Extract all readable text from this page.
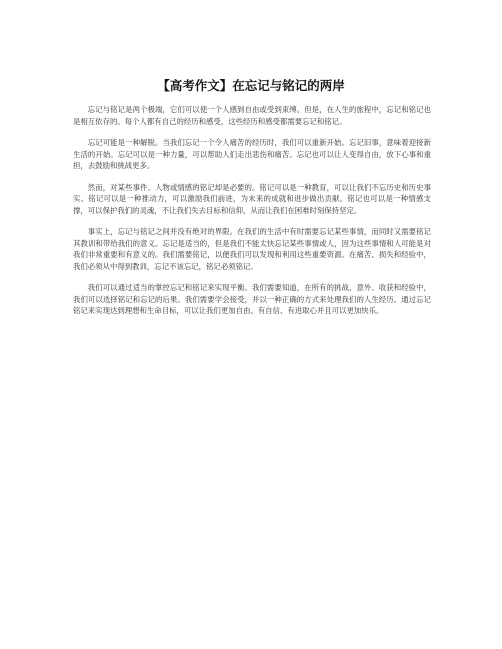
【高考作文】在忘记与铭记的两岸

忘记与铭记是两个极端，它们可以使一个人感到自由或受到束缚。但是，在人生的旅程中，忘记和铭记也是相互依存的。每个人都有自己的经历和感受，这些经历和感受都需要忘记和铭记。

忘记可能是一种解脱。当我们忘记一个令人痛苦的经历时，我们可以重新开始。忘记旧事，意味着迎接新生活的开始。忘记可以是一种力量，可以帮助人们走出悲伤和痛苦。忘记也可以让人变得自由，放下心事和重担，去鼓励和挑战更多。

然而，对某些事件、人物或情感的铭记却是必要的。铭记可以是一种教育，可以让我们不忘历史和历史事实。铭记可以是一种推动力，可以激励我们前进，为未来的成就和进步做出贡献。铭记也可以是一种情感支撑，可以保护我们的灵魂，不让我们失去目标和信仰，从而让我们在困难时刻保持坚定。

事实上，忘记与铭记之间并没有绝对的界限。在我们的生活中有时需要忘记某些事情，而同时又需要铭记其教训和带给我们的意义。忘记是适当的，但是我们不能太快忘记某些事情或人，因为这些事情和人可能是对我们非常重要和有意义的。我们需要铭记，以便我们可以发现和利用这些重要资源。在痛苦、损失和经验中，我们必须从中得到教训，忘记不该忘记，铭记必须铭记。

我们可以通过适当的掌控忘记和铭记来实现平衡。我们需要知道，在所有的挑战、意外、收获和经验中，我们可以选择铭记和忘记的后果。我们需要学会接受，并以一种正确的方式来处理我们的人生经历。通过忘记铭记来实现达到理想和生命目标，可以让我们更加自由、有自信、有进取心并且可以更加快乐。
